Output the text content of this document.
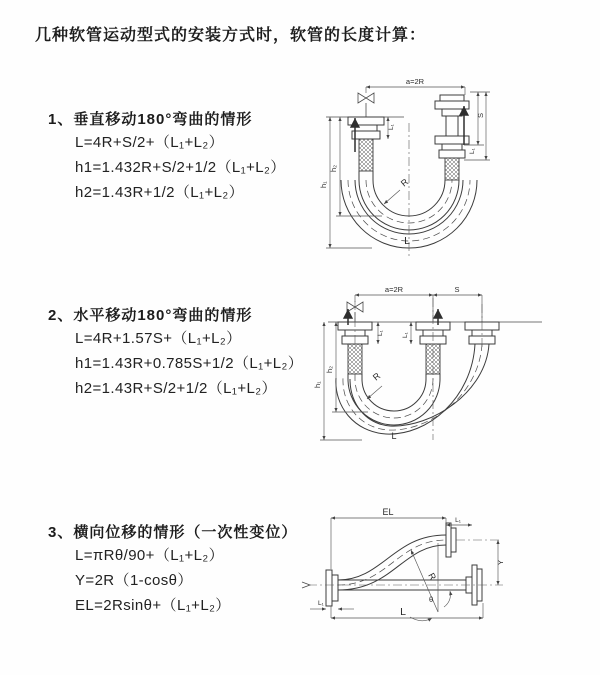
几种软管运动型式的安装方式时，软管的长度计算：
1、垂直移动180°弯曲的情形
L=4R+S/2+（L₁+L₂）
h1=1.432R+S/2+1/2（L₁+L₂）
h2=1.43R+1/2（L₁+L₂）
2、水平移动180°弯曲的情形
L=4R+1.57S+（L₁+L₂）
h1=1.43R+0.785S+1/2（L₁+L₂）
h2=1.43R+S/2+1/2（L₁+L₂）
3、横向位移的情形（一次性变位）
L=πRθ/90+（L₁+L₂）
Y=2R（1-cosθ）
EL=2Rsinθ+（L₁+L₂）
a=2R
R
h₁
h₂
L₁
S
L₁
L
a=2R	S
R
h₁
h₂
L₁	L₁
L
EL
L₁
Y
R
θ
L₁
L
